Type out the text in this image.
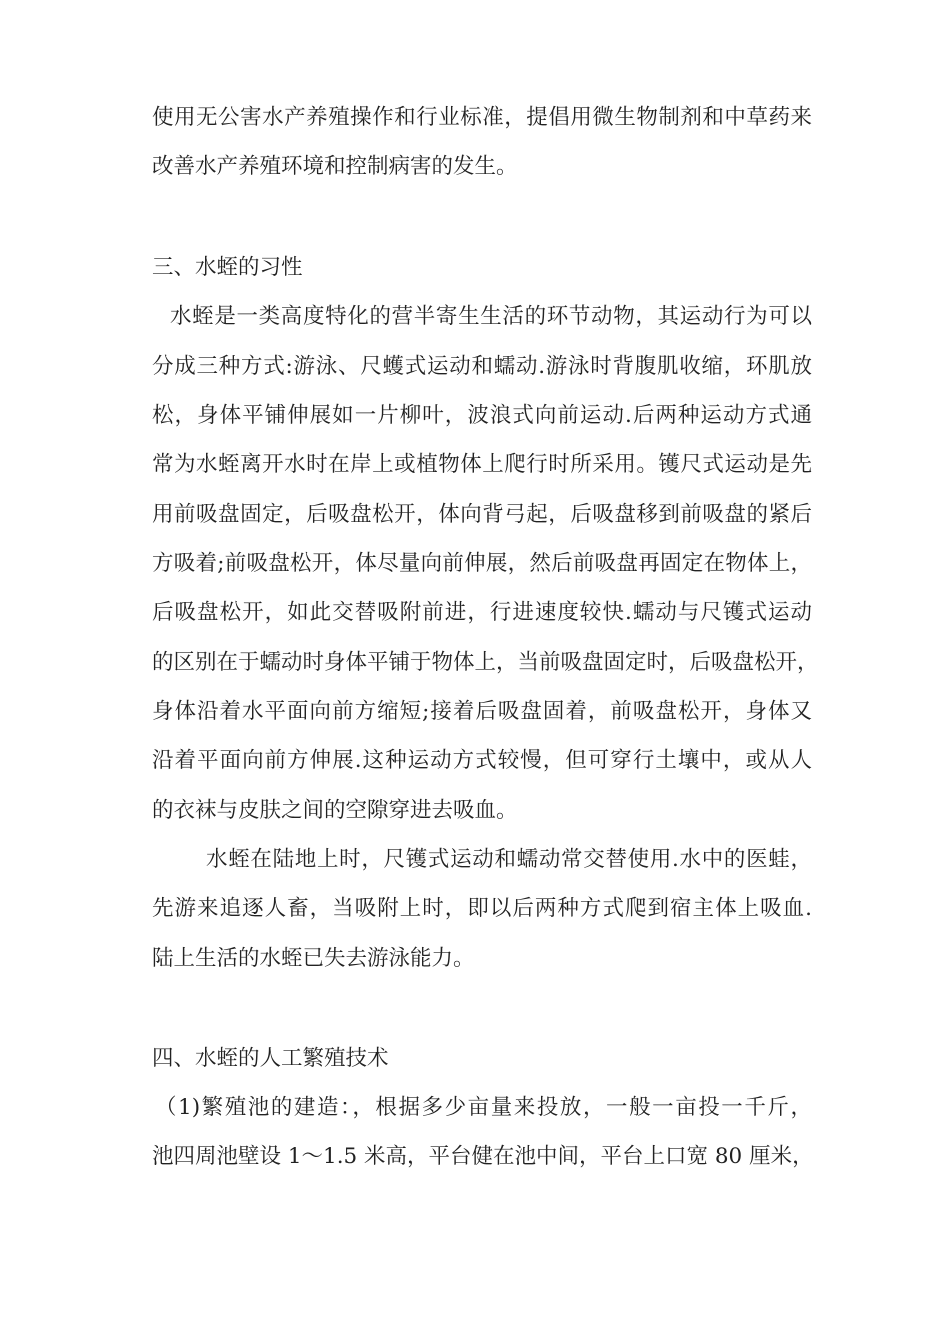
使用无公害水产养殖操作和行业标准，提倡用微生物制剂和中草药来

改善水产养殖环境和控制病害的发生。

三、水蛭的习性

水蛭是一类高度特化的营半寄生生活的环节动物，其运动行为可以

分成三种方式:游泳、尺蠖式运动和蠕动.游泳时背腹肌收缩，环肌放

松，身体平铺伸展如一片柳叶，波浪式向前运动.后两种运动方式通

常为水蛭离开水时在岸上或植物体上爬行时所采用。镬尺式运动是先

用前吸盘固定，后吸盘松开，体向背弓起，后吸盘移到前吸盘的紧后

方吸着;前吸盘松开，体尽量向前伸展，然后前吸盘再固定在物体上，

后吸盘松开，如此交替吸附前进，行进速度较快.蠕动与尺镬式运动

的区别在于蠕动时身体平铺于物体上，当前吸盘固定时，后吸盘松开，

身体沿着水平面向前方缩短;接着后吸盘固着，前吸盘松开，身体又

沿着平面向前方伸展.这种运动方式较慢，但可穿行土壤中，或从人

的衣袜与皮肤之间的空隙穿进去吸血。

水蛭在陆地上时，尺镬式运动和蠕动常交替使用.水中的医蛙，

先游来追逐人畜，当吸附上时，即以后两种方式爬到宿主体上吸血.

陆上生活的水蛭已失去游泳能力。

四、水蛭的人工繁殖技术

（1)繁殖池的建造：，根据多少亩量来投放，一般一亩投一千斤，

池四周池壁设 1～1.5 米高，平台健在池中间，平台上口宽 80 厘米，
